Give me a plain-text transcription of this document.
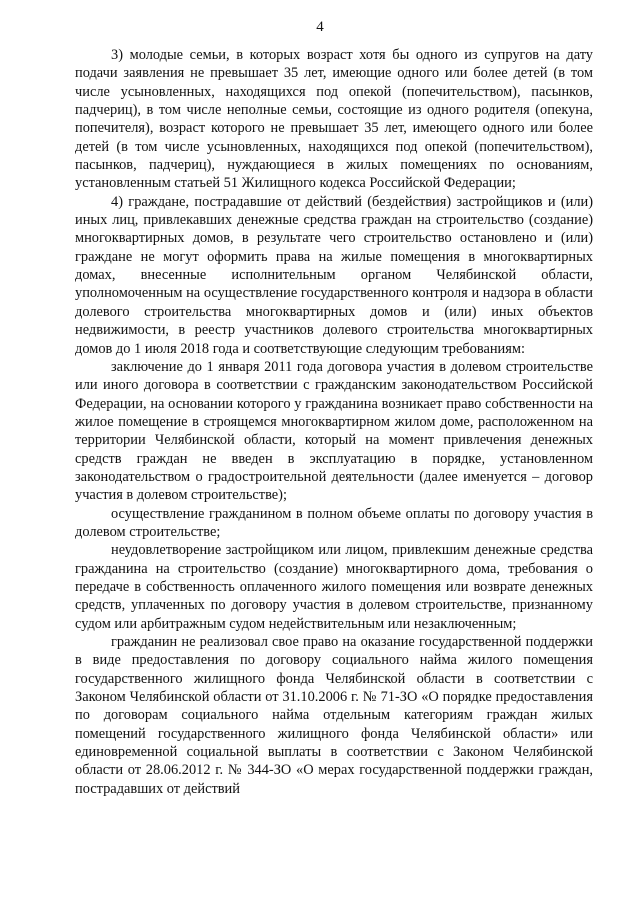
4

3) молодые семьи, в которых возраст хотя бы одного из супругов на дату подачи заявления не превышает 35 лет, имеющие одного или более детей (в том числе усыновленных, находящихся под опекой (попечительством), пасынков, падчериц), в том числе неполные семьи, состоящие из одного родителя (опекуна, попечителя), возраст которого не превышает 35 лет, имеющего одного или более детей (в том числе усыновленных, находящихся под опекой (попечительством), пасынков, падчериц), нуждающиеся в жилых помещениях по основаниям, установленным статьей 51 Жилищного кодекса Российской Федерации;

4) граждане, пострадавшие от действий (бездействия) застройщиков и (или) иных лиц, привлекавших денежные средства граждан на строительство (создание) многоквартирных домов, в результате чего строительство остановлено и (или) граждане не могут оформить права на жилые помещения в многоквартирных домах, внесенные исполнительным органом Челябинской области, уполномоченным на осуществление государственного контроля и надзора в области долевого строительства многоквартирных домов и (или) иных объектов недвижимости, в реестр участников долевого строительства многоквартирных домов до 1 июля 2018 года и соответствующие следующим требованиям:

заключение до 1 января 2011 года договора участия в долевом строительстве или иного договора в соответствии с гражданским законодательством Российской Федерации, на основании которого у гражданина возникает право собственности на жилое помещение в строящемся многоквартирном жилом доме, расположенном на территории Челябинской области, который на момент привлечения денежных средств граждан не введен в эксплуатацию в порядке, установленном законодательством о градостроительной деятельности (далее именуется – договор участия в долевом строительстве);

осуществление гражданином в полном объеме оплаты по договору участия в долевом строительстве;

неудовлетворение застройщиком или лицом, привлекшим денежные средства гражданина на строительство (создание) многоквартирного дома, требования о передаче в собственность оплаченного жилого помещения или возврате денежных средств, уплаченных по договору участия в долевом строительстве, признанному судом или арбитражным судом недействительным или незаключенным;

гражданин не реализовал свое право на оказание государственной поддержки в виде предоставления по договору социального найма жилого помещения государственного жилищного фонда Челябинской области в соответствии с Законом Челябинской области от 31.10.2006 г. № 71-ЗО «О порядке предоставления по договорам социального найма отдельным категориям граждан жилых помещений государственного жилищного фонда Челябинской области» или единовременной социальной выплаты в соответствии с Законом Челябинской области от 28.06.2012 г. № 344-ЗО «О мерах государственной поддержки граждан, пострадавших от действий
